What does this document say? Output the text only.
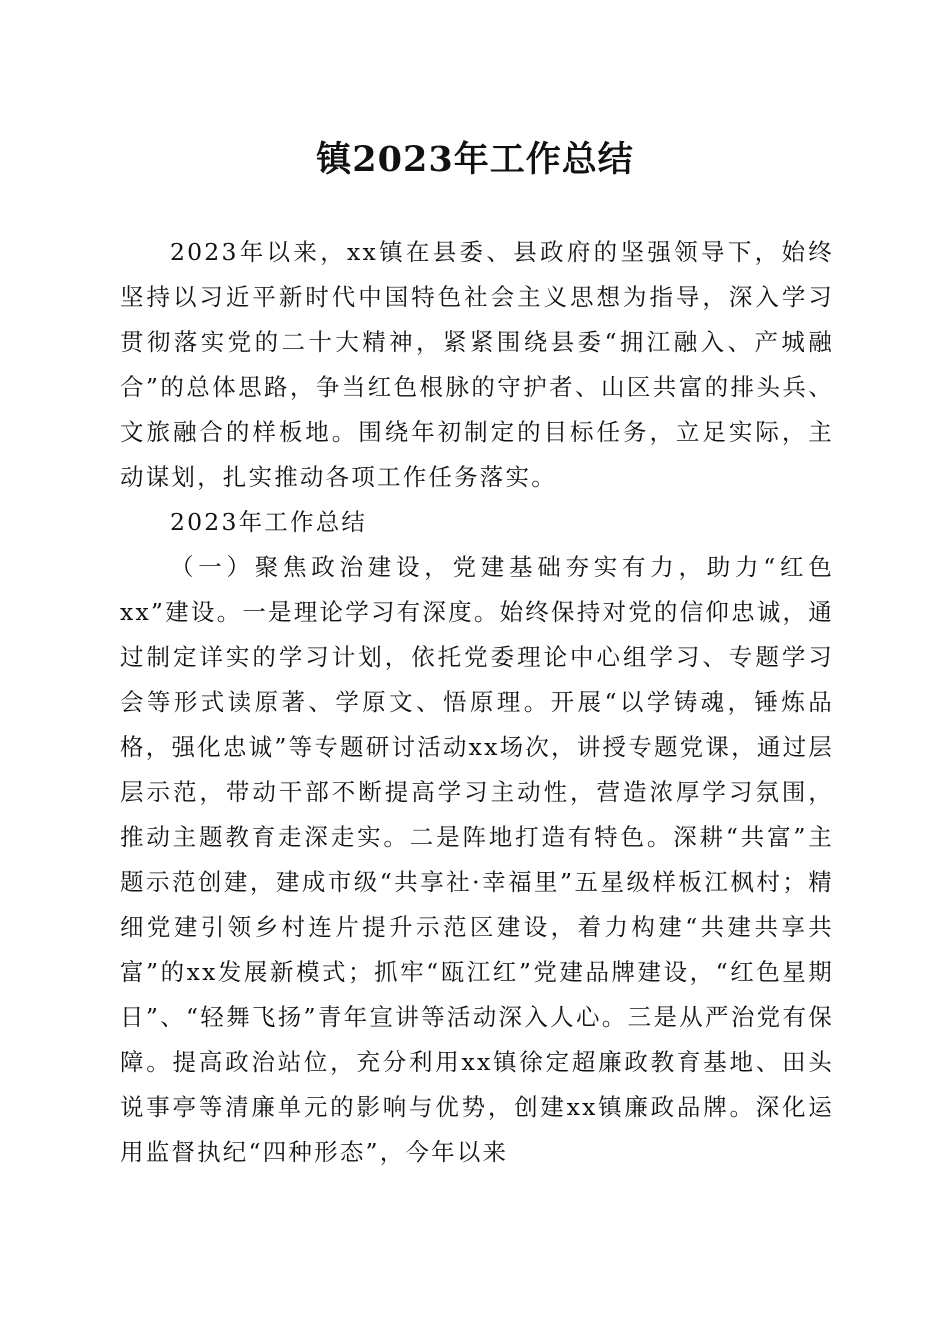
镇2023年工作总结

2023年以来，xx镇在县委、县政府的坚强领导下，始终坚持以习近平新时代中国特色社会主义思想为指导，深入学习贯彻落实党的二十大精神，紧紧围绕县委“拥江融入、产城融合”的总体思路，争当红色根脉的守护者、山区共富的排头兵、文旅融合的样板地。围绕年初制定的目标任务，立足实际，主动谋划，扎实推动各项工作任务落实。

2023年工作总结

（一）聚焦政治建设，党建基础夯实有力，助力“红色xx”建设。一是理论学习有深度。始终保持对党的信仰忠诚，通过制定详实的学习计划，依托党委理论中心组学习、专题学习会等形式读原著、学原文、悟原理。开展“以学铸魂，锤炼品格，强化忠诚”等专题研讨活动xx场次，讲授专题党课，通过层层示范，带动干部不断提高学习主动性，营造浓厚学习氛围，推动主题教育走深走实。二是阵地打造有特色。深耕“共富”主题示范创建，建成市级“共享社·幸福里”五星级样板江枫村；精细党建引领乡村连片提升示范区建设，着力构建“共建共享共富”的xx发展新模式；抓牢“瓯江红”党建品牌建设，“红色星期日”、“轻舞飞扬”青年宣讲等活动深入人心。三是从严治党有保障。提高政治站位，充分利用xx镇徐定超廉政教育基地、田头说事亭等清廉单元的影响与优势，创建xx镇廉政品牌。深化运用监督执纪“四种形态”，今年以来
